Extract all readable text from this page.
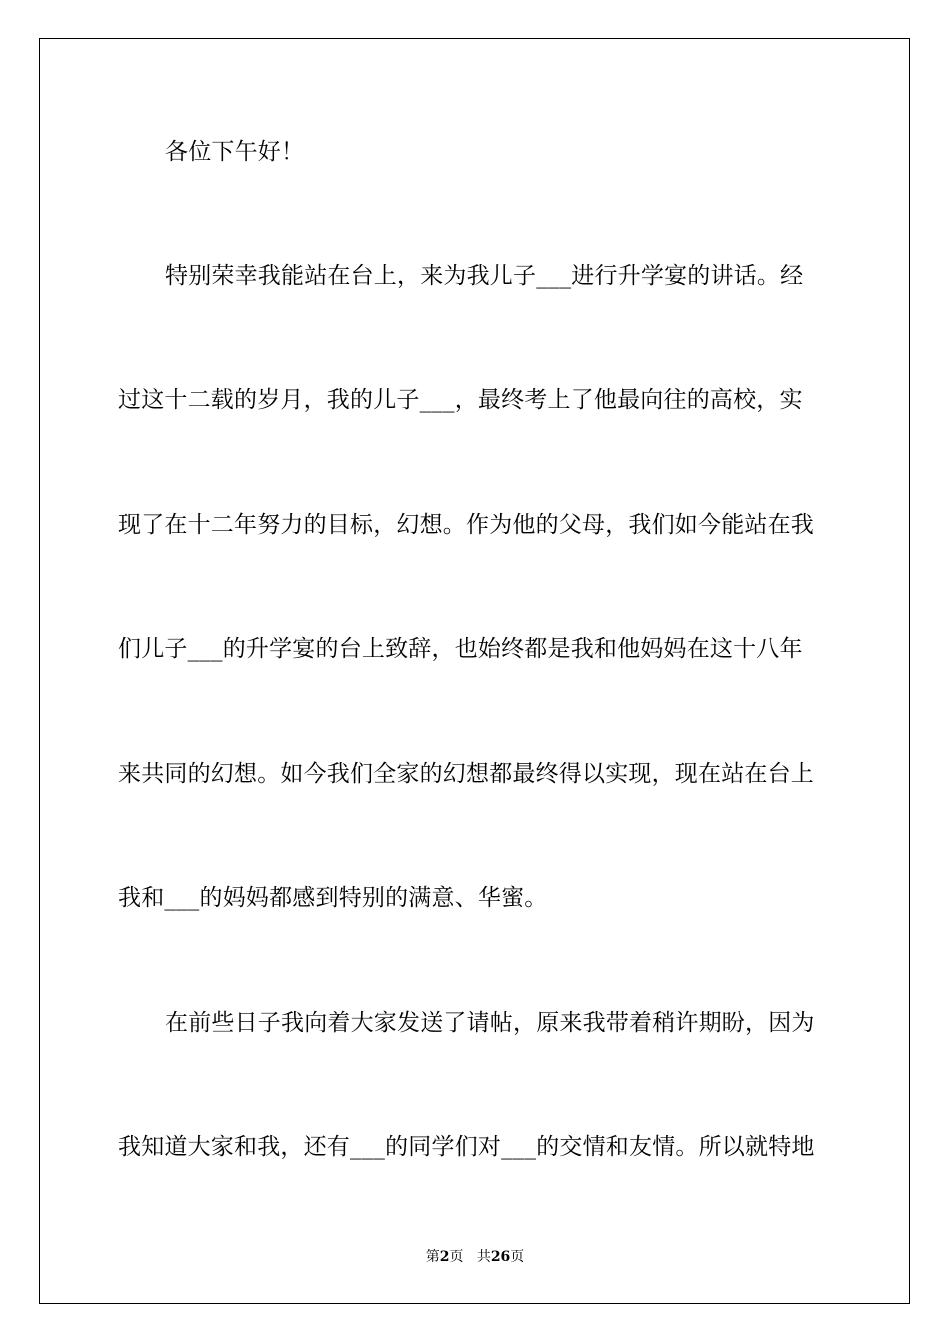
各位下午好！
特别荣幸我能站在台上，来为我儿子___进行升学宴的讲话。经
过这十二载的岁月，我的儿子___，最终考上了他最向往的高校，实
现了在十二年努力的目标，幻想。作为他的父母，我们如今能站在我
们儿子___的升学宴的台上致辞，也始终都是我和他妈妈在这十八年
来共同的幻想。如今我们全家的幻想都最终得以实现，现在站在台上
我和___的妈妈都感到特别的满意、华蜜。
在前些日子我向着大家发送了请帖，原来我带着稍许期盼，因为
我知道大家和我，还有___的同学们对___的交情和友情。所以就特地
第2页 共26页
